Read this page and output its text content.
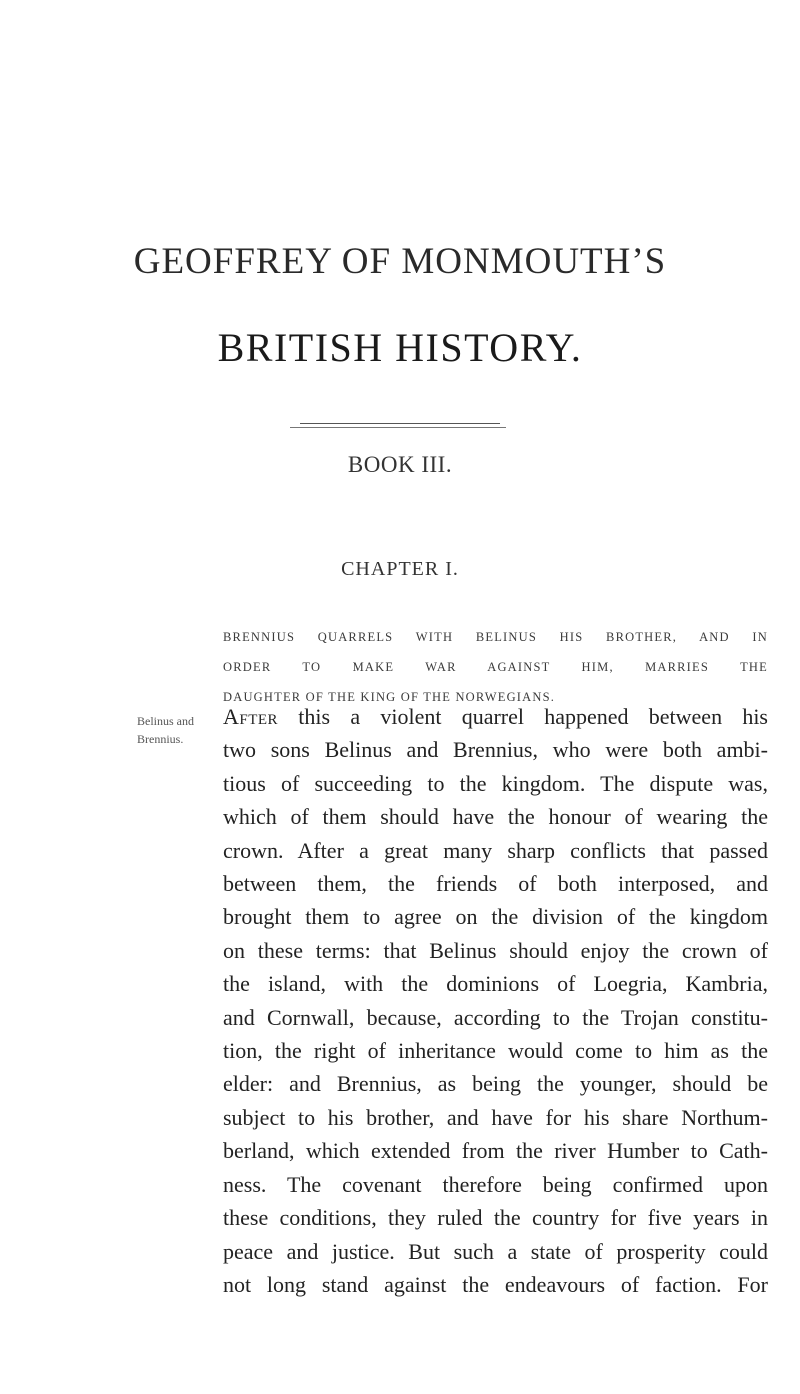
GEOFFREY OF MONMOUTH’S
BRITISH HISTORY.
BOOK III.
CHAPTER I.
BRENNIUS QUARRELS WITH BELINUS HIS BROTHER, AND IN
ORDER TO MAKE WAR AGAINST HIM, MARRIES THE
DAUGHTER OF THE KING OF THE NORWEGIANS.
Belinus and Brennius.
After this a violent quarrel happened between his
two sons Belinus and Brennius, who were both ambi-
tious of succeeding to the kingdom. The dispute was,
which of them should have the honour of wearing the
crown. After a great many sharp conflicts that passed
between them, the friends of both interposed, and
brought them to agree on the division of the kingdom
on these terms: that Belinus should enjoy the crown of
the island, with the dominions of Loegria, Kambria,
and Cornwall, because, according to the Trojan constitu-
tion, the right of inheritance would come to him as the
elder: and Brennius, as being the younger, should be
subject to his brother, and have for his share Northum-
berland, which extended from the river Humber to Cath-
ness. The covenant therefore being confirmed upon
these conditions, they ruled the country for five years in
peace and justice. But such a state of prosperity could
not long stand against the endeavours of faction. For
